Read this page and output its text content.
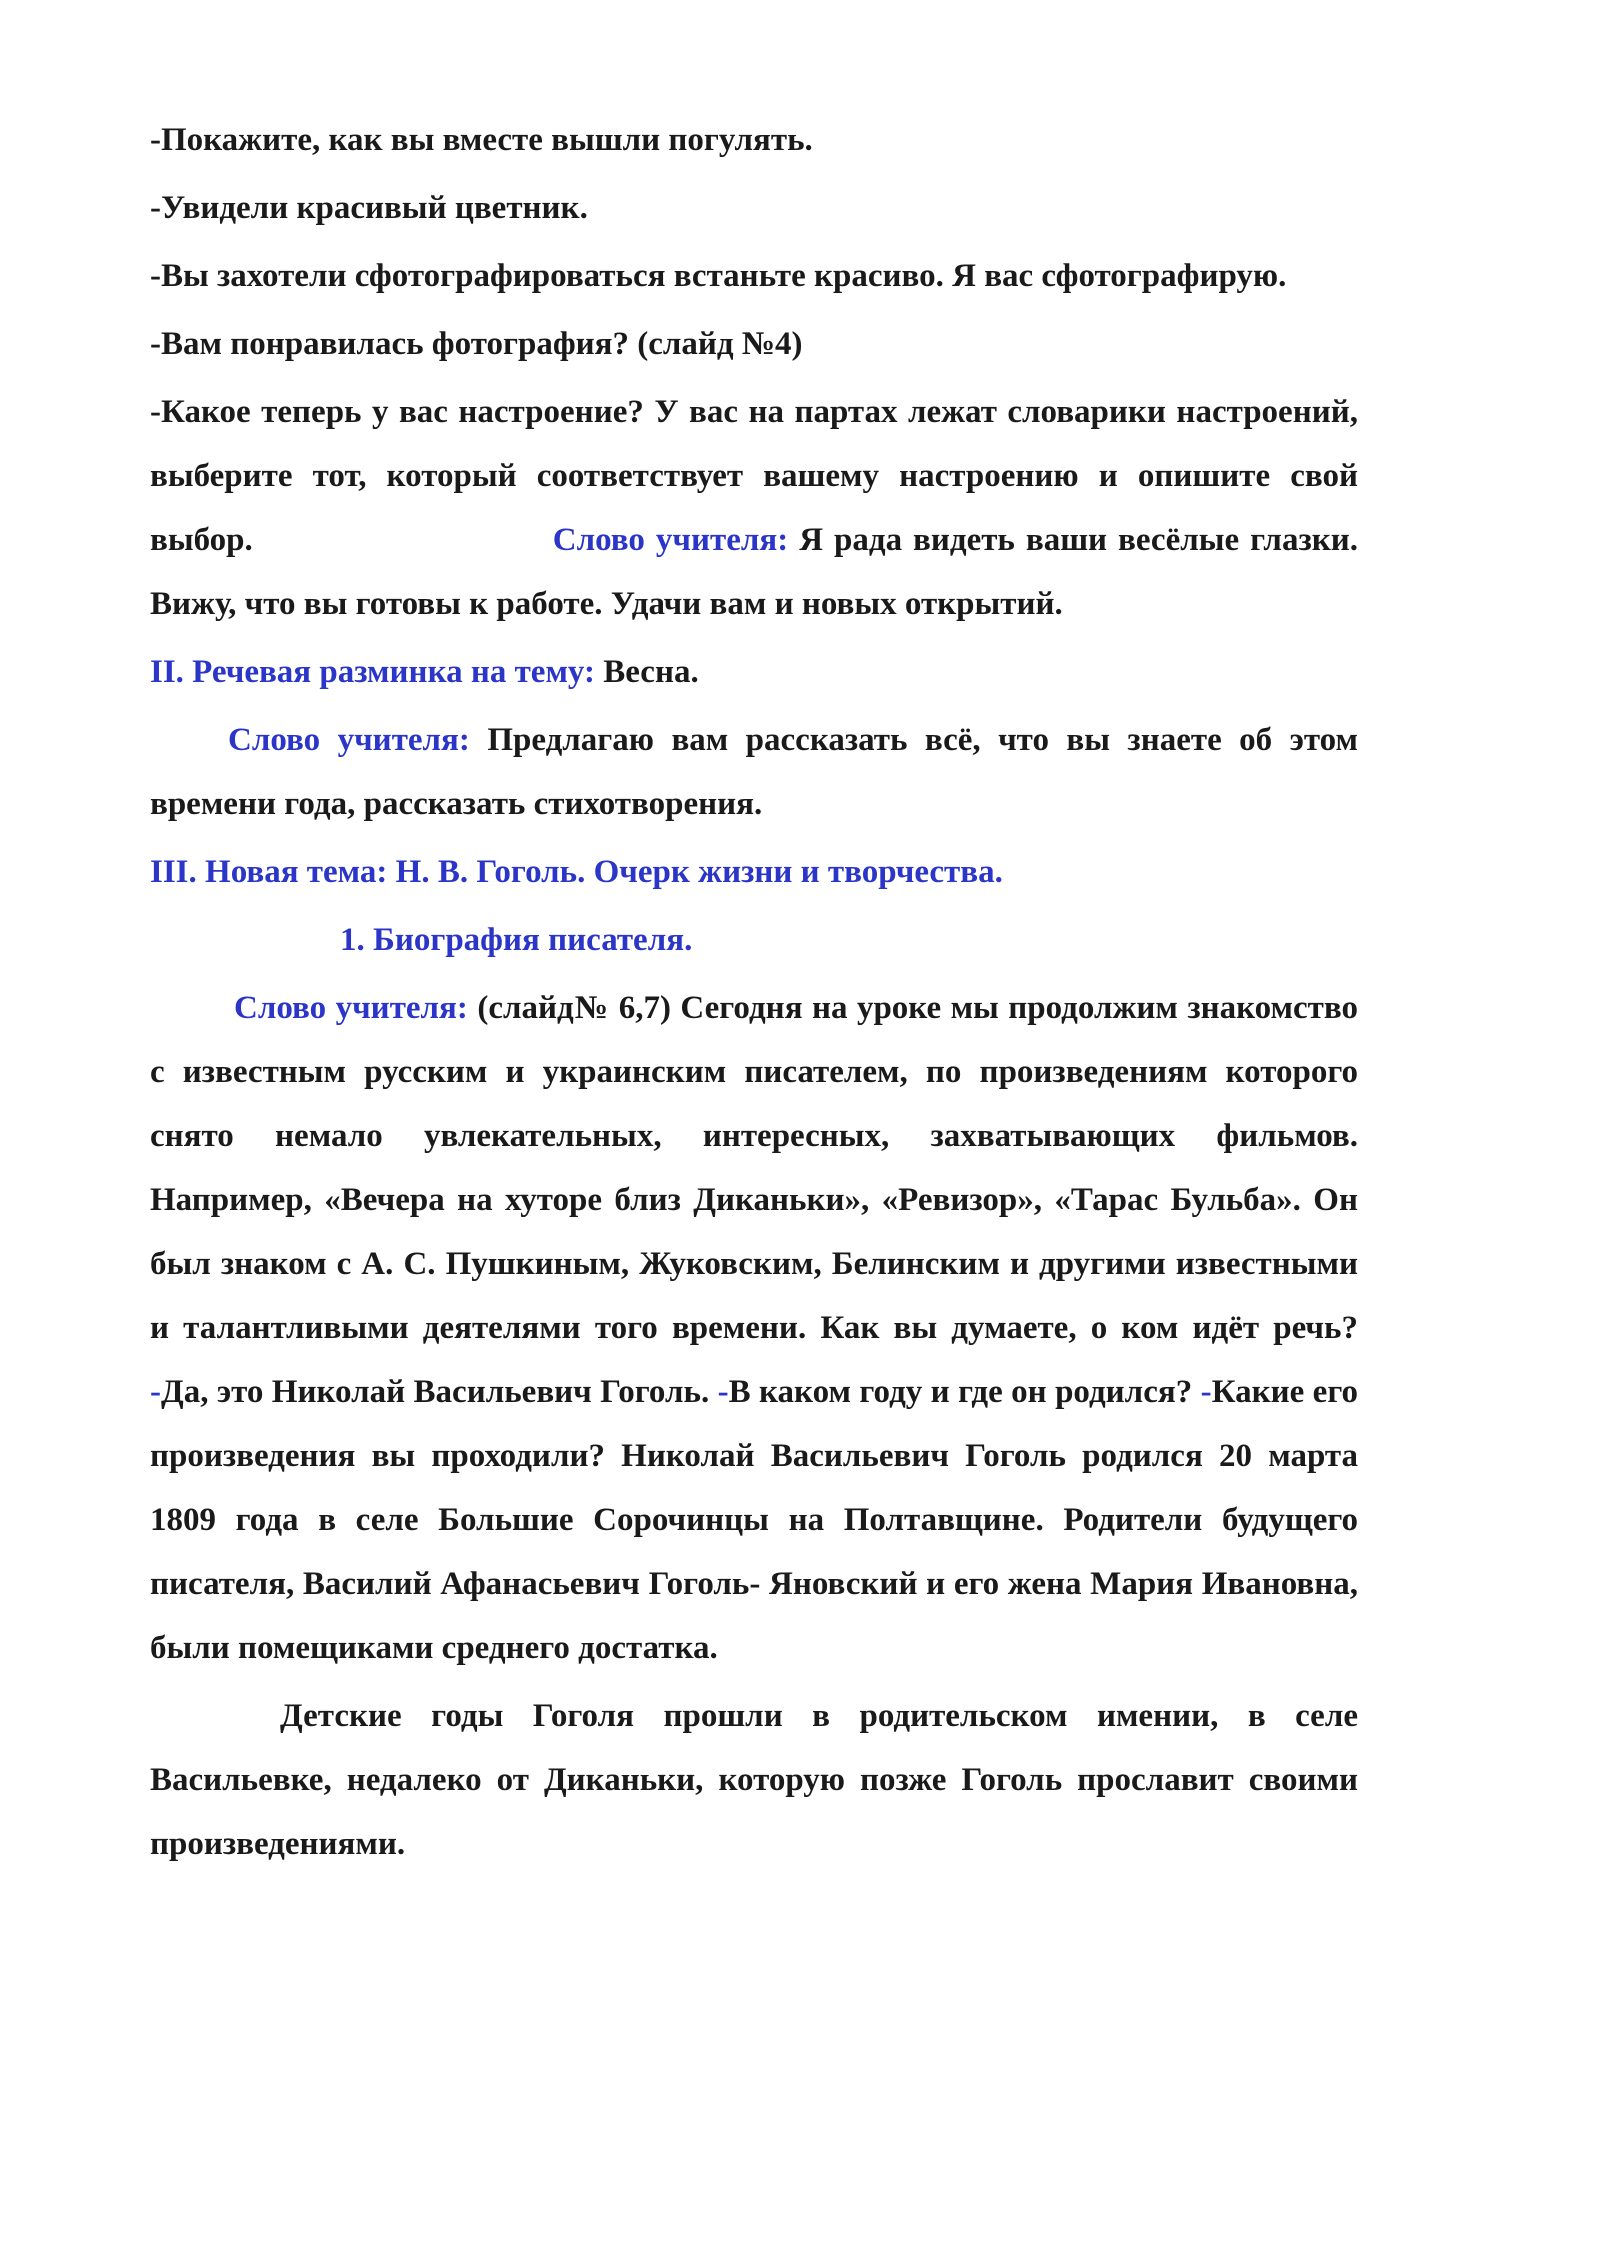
-Покажите, как вы вместе вышли погулять.

-Увидели красивый цветник.

-Вы захотели сфотографироваться встаньте красиво. Я вас сфотографирую.

-Вам понравилась фотография? (слайд №4)

-Какое теперь у вас настроение? У вас на партах лежат словарики настроений, выберите тот, который соответствует вашему настроению и опишите свой выбор.	Слово учителя: Я рада видеть ваши весёлые глазки. Вижу, что вы готовы к работе. Удачи вам и новых открытий.

II. Речевая разминка на тему: Весна.

Слово учителя: Предлагаю вам рассказать всё, что вы знаете об этом времени года, рассказать стихотворения.

III. Новая тема: Н. В. Гоголь. Очерк жизни и творчества.

1. Биография писателя.

Слово учителя: (слайд№ 6,7) Сегодня на уроке мы продолжим знакомство с известным русским и украинским писателем, по произведениям которого снято немало увлекательных, интересных, захватывающих фильмов. Например, «Вечера на хуторе близ Диканьки», «Ревизор», «Тарас Бульба». Он был знаком с А. С. Пушкиным, Жуковским, Белинским и другими известными и талантливыми деятелями того времени. Как вы думаете, о ком идёт речь? -Да, это Николай Васильевич Гоголь. -В каком году и где он родился? -Какие его произведения вы проходили? Николай Васильевич Гоголь родился 20 марта 1809 года в селе Большие Сорочинцы на Полтавщине. Родители будущего писателя, Василий Афанасьевич Гоголь- Яновский и его жена Мария Ивановна, были помещиками среднего достатка.

Детские годы Гоголя прошли в родительском имении, в селе Васильевке, недалеко от Диканьки, которую позже Гоголь прославит своими произведениями.
